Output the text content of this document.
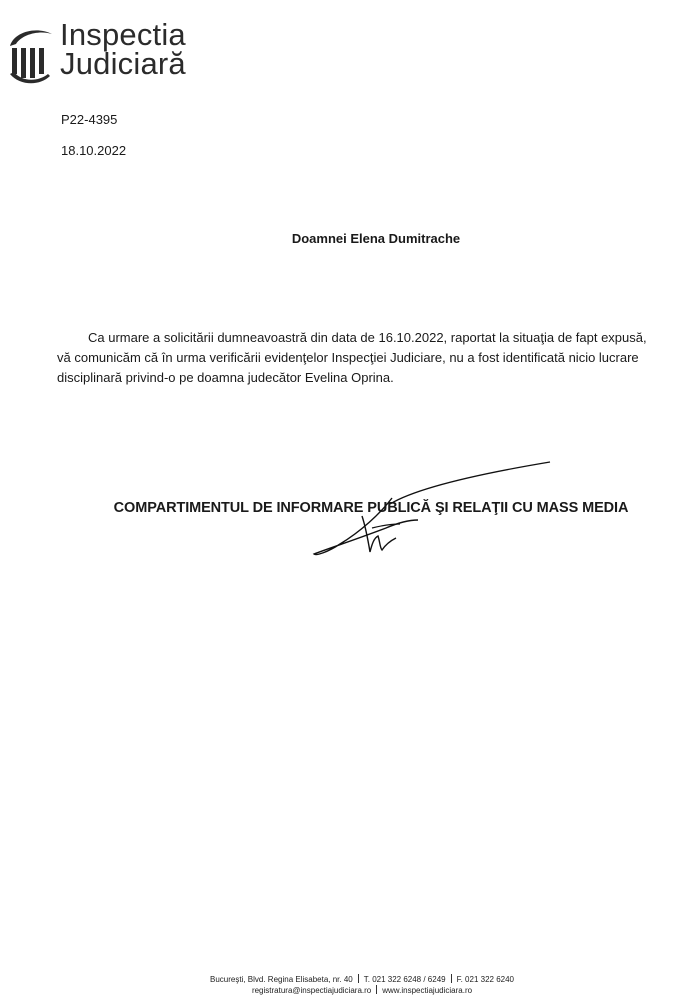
Inspectia
Judiciară
P22-4395
18.10.2022
Doamnei Elena Dumitrache

Ca urmare a solicitării dumneavoastră din data de 16.10.2022, raportat la situaţia de fapt expusă, vă comunicăm că în urma verificării evidenţelor Inspecţiei Judiciare, nu a fost identificată nicio lucrare disciplinară privind-o pe doamna judecător Evelina Oprina.

COMPARTIMENTUL DE INFORMARE PUBLICĂ ŞI RELAŢII CU MASS MEDIA
Bucureşti, Blvd. Regina Elisabeta, nr. 40 T. 021 322 6248 / 6249 F. 021 322 6240
registratura@inspectiajudiciara.ro www.inspectiajudiciara.ro
